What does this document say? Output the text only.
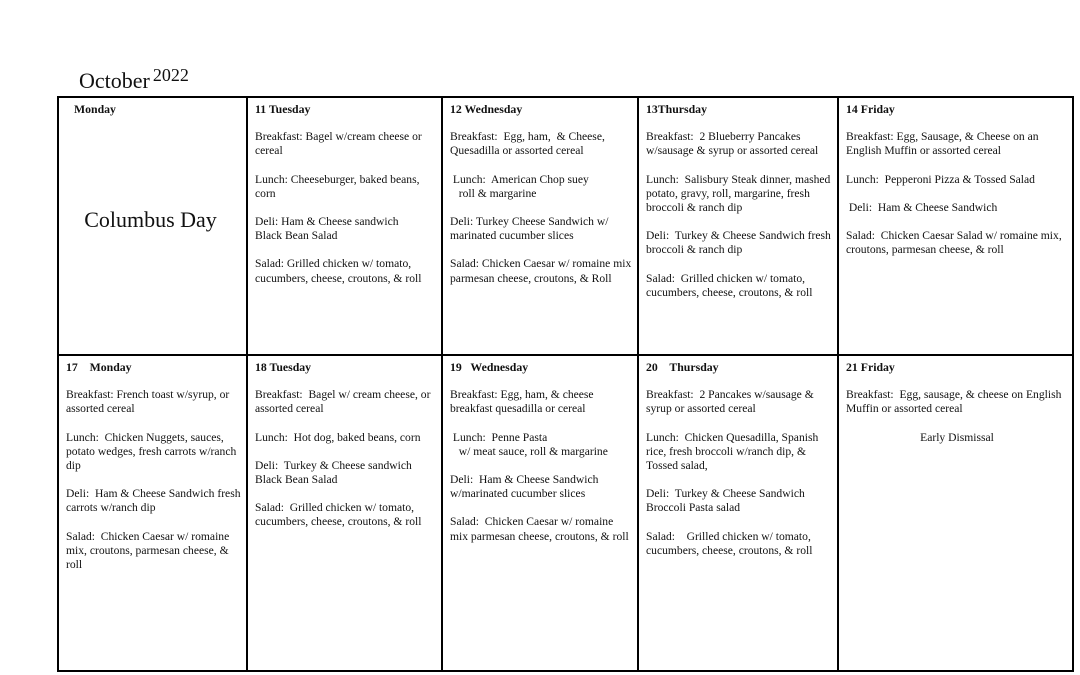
October 2022
Monday
Columbus Day
11 Tuesday
Breakfast: Bagel w/cream cheese or cereal
Lunch: Cheeseburger, baked beans, corn
Deli: Ham & Cheese sandwich
Black Bean Salad
Salad: Grilled chicken w/ tomato, cucumbers, cheese, croutons, & roll
12 Wednesday
Breakfast:  Egg, ham,  & Cheese, Quesadilla or assorted cereal
Lunch:  American Chop suey
roll & margarine
Deli: Turkey Cheese Sandwich w/ marinated cucumber slices
Salad: Chicken Caesar w/ romaine mix parmesan cheese, croutons, & Roll
13Thursday
Breakfast:  2 Blueberry Pancakes w/sausage & syrup or assorted cereal
Lunch:  Salisbury Steak dinner, mashed potato, gravy, roll, margarine, fresh                broccoli & ranch dip
Deli:  Turkey & Cheese Sandwich fresh broccoli & ranch dip
Salad:  Grilled chicken w/ tomato, cucumbers, cheese, croutons, & roll
14 Friday
Breakfast: Egg, Sausage, & Cheese on an English Muffin or assorted cereal
Lunch:  Pepperoni Pizza & Tossed Salad
Deli:  Ham & Cheese Sandwich
Salad:  Chicken Caesar Salad w/ romaine mix, croutons, parmesan cheese, & roll
17    Monday
Breakfast: French toast w/syrup, or assorted cereal
Lunch:  Chicken Nuggets, sauces, potato wedges, fresh carrots w/ranch dip
Deli:  Ham & Cheese Sandwich fresh carrots w/ranch dip
Salad:  Chicken Caesar w/ romaine mix, croutons, parmesan cheese, & roll
18 Tuesday
Breakfast:  Bagel w/ cream cheese, or assorted cereal
Lunch:  Hot dog, baked beans, corn
Deli:  Turkey & Cheese sandwich Black Bean Salad
Salad:  Grilled chicken w/ tomato, cucumbers, cheese, croutons, & roll
19   Wednesday
Breakfast: Egg, ham, & cheese breakfast quesadilla or cereal
Lunch:  Penne Pasta
w/ meat sauce, roll & margarine
Deli:  Ham & Cheese Sandwich w/marinated cucumber slices
Salad:  Chicken Caesar w/ romaine mix parmesan cheese, croutons, & roll
20    Thursday
Breakfast:  2 Pancakes w/sausage & syrup or assorted cereal
Lunch:  Chicken Quesadilla, Spanish rice, fresh broccoli w/ranch dip, & Tossed salad,
Deli:  Turkey & Cheese Sandwich Broccoli Pasta salad
Salad:    Grilled chicken w/ tomato, cucumbers, cheese, croutons, & roll
21 Friday
Breakfast:  Egg, sausage, & cheese on English Muffin or assorted cereal
Early Dismissal
